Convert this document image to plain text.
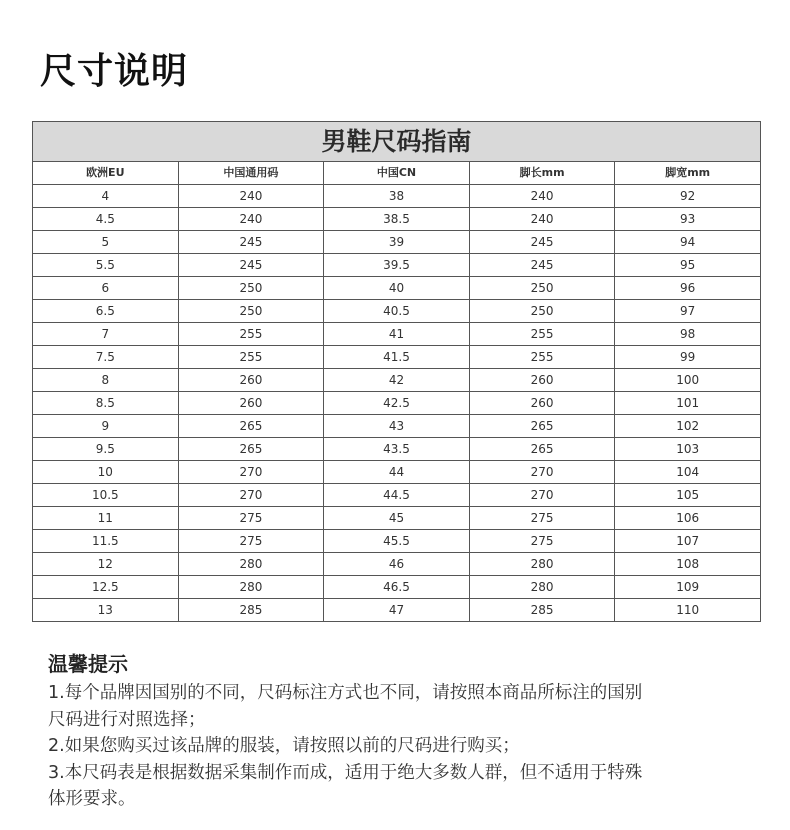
尺寸说明
男鞋尺码指南				
欧洲EU	中国通用码	中国CN	脚长mm	脚宽mm
4	240	38	240	92
4.5	240	38.5	240	93
5	245	39	245	94
5.5	245	39.5	245	95
6	250	40	250	96
6.5	250	40.5	250	97
7	255	41	255	98
7.5	255	41.5	255	99
8	260	42	260	100
8.5	260	42.5	260	101
9	265	43	265	102
9.5	265	43.5	265	103
10	270	44	270	104
10.5	270	44.5	270	105
11	275	45	275	106
11.5	275	45.5	275	107
12	280	46	280	108
12.5	280	46.5	280	109
13	285	47	285	110
温馨提示
1.每个品牌因国别的不同，尺码标注方式也不同，请按照本商品所标注的国别
尺码进行对照选择；
2.如果您购买过该品牌的服装，请按照以前的尺码进行购买；
3.本尺码表是根据数据采集制作而成，适用于绝大多数人群，但不适用于特殊
体形要求。
